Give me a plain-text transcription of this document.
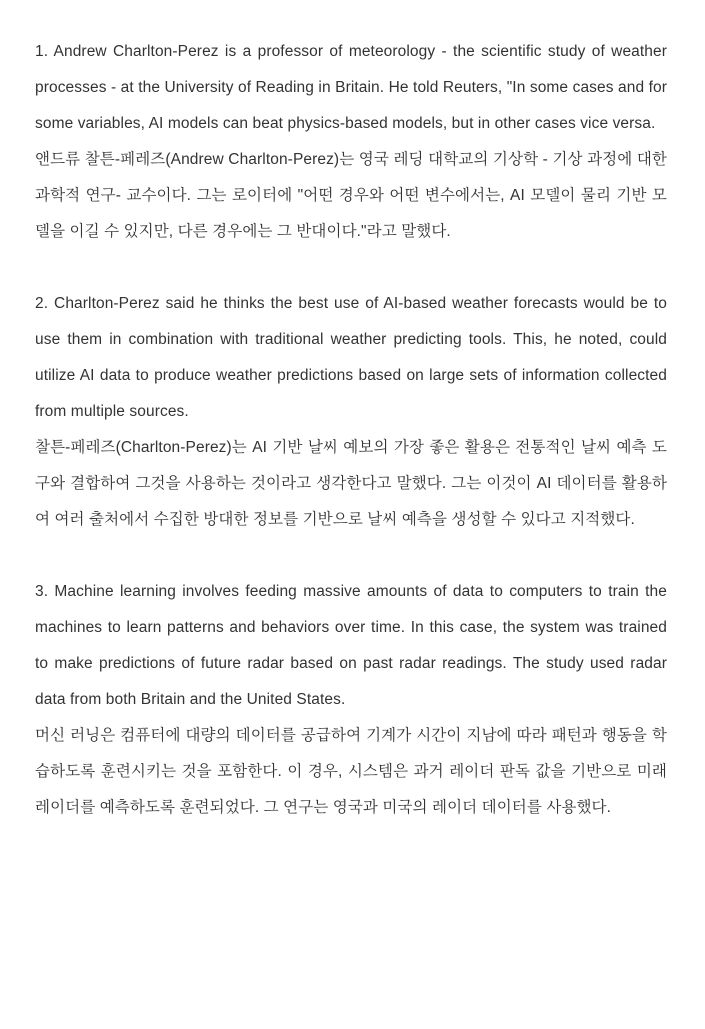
1. Andrew Charlton-Perez is a professor of meteorology - the scientific study of weather processes - at the University of Reading in Britain. He told Reuters, "In some cases and for some variables, AI models can beat physics-based models, but in other cases vice versa.

앤드류 찰튼-페레즈(Andrew Charlton-Perez)는 영국 레딩 대학교의 기상학 - 기상 과정에 대한 과학적 연구- 교수이다. 그는 로이터에 "어떤 경우와 어떤 변수에서는, AI 모델이 물리 기반 모델을 이길 수 있지만, 다른 경우에는 그 반대이다."라고 말했다.

2. Charlton-Perez said he thinks the best use of AI-based weather forecasts would be to use them in combination with traditional weather predicting tools. This, he noted, could utilize AI data to produce weather predictions based on large sets of information collected from multiple sources.

찰튼-페레즈(Charlton-Perez)는 AI 기반 날씨 예보의 가장 좋은 활용은 전통적인 날씨 예측 도구와 결합하여 그것을 사용하는 것이라고 생각한다고 말했다. 그는 이것이 AI 데이터를 활용하여 여러 출처에서 수집한 방대한 정보를 기반으로 날씨 예측을 생성할 수 있다고 지적했다.

3. Machine learning involves feeding massive amounts of data to computers to train the machines to learn patterns and behaviors over time. In this case, the system was trained to make predictions of future radar based on past radar readings. The study used radar data from both Britain and the United States.

머신 러닝은 컴퓨터에 대량의 데이터를 공급하여 기계가 시간이 지남에 따라 패턴과 행동을 학습하도록 훈련시키는 것을 포함한다. 이 경우, 시스템은 과거 레이더 판독 값을 기반으로 미래 레이더를 예측하도록 훈련되었다. 그 연구는 영국과 미국의 레이더 데이터를 사용했다.
